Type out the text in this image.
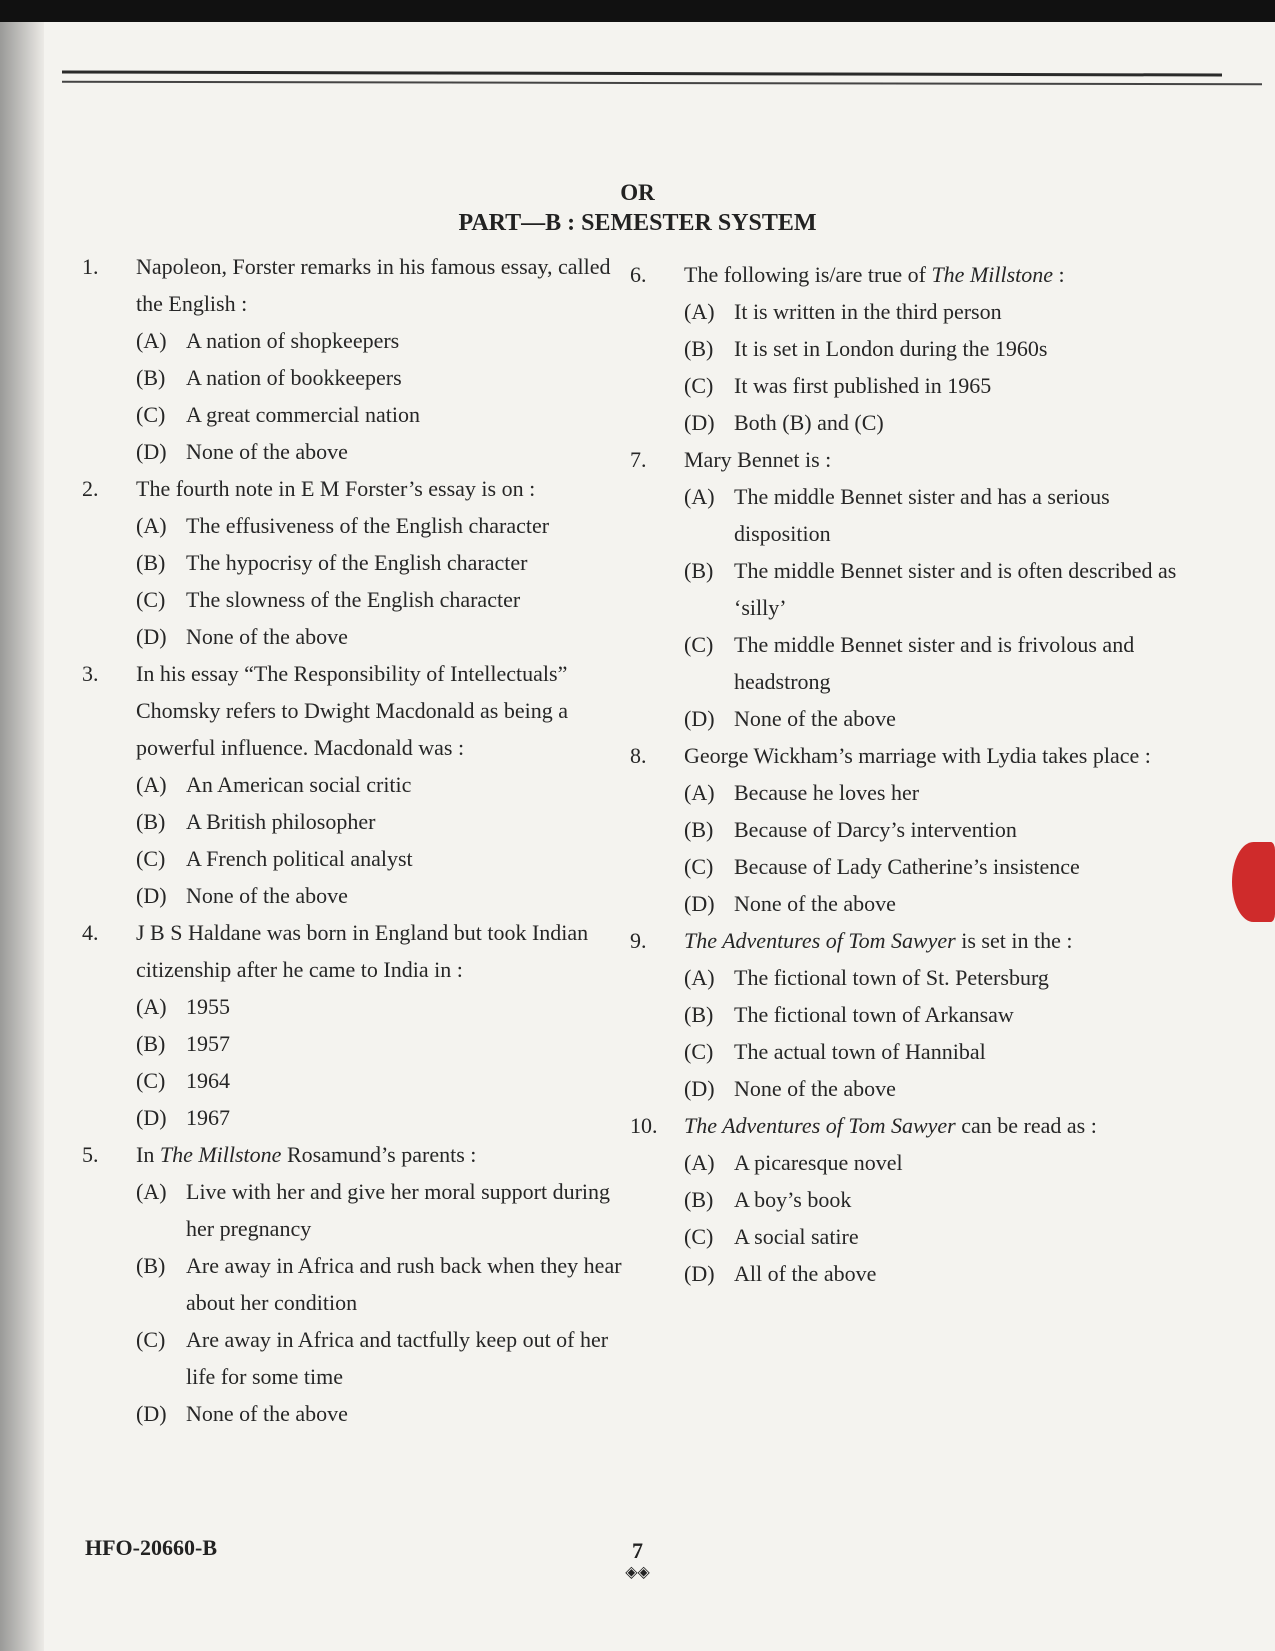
OR
PART—B : SEMESTER SYSTEM
1.	Napoleon, Forster remarks in his famous essay, called the English :
(A) A nation of shopkeepers
(B) A nation of bookkeepers
(C) A great commercial nation
(D) None of the above
2.	The fourth note in E M Forster’s essay is on :
(A) The effusiveness of the English character
(B) The hypocrisy of the English character
(C) The slowness of the English character
(D) None of the above
3.	In his essay “The Responsibility of Intellectuals” Chomsky refers to Dwight Macdonald as being a powerful influence. Macdonald was :
(A) An American social critic
(B) A British philosopher
(C) A French political analyst
(D) None of the above
4.	J B S Haldane was born in England but took Indian citizenship after he came to India in :
(A) 1955
(B) 1957
(C) 1964
(D) 1967
5.	In The Millstone Rosamund’s parents :
(A) Live with her and give her moral support during her pregnancy
(B) Are away in Africa and rush back when they hear about her condition
(C) Are away in Africa and tactfully keep out of her life for some time
(D) None of the above
6.	The following is/are true of The Millstone :
(A) It is written in the third person
(B) It is set in London during the 1960s
(C) It was first published in 1965
(D) Both (B) and (C)
7.	Mary Bennet is :
(A) The middle Bennet sister and has a serious disposition
(B) The middle Bennet sister and is often described as ‘silly’
(C) The middle Bennet sister and is frivolous and headstrong
(D) None of the above
8.	George Wickham’s marriage with Lydia takes place :
(A) Because he loves her
(B) Because of Darcy’s intervention
(C) Because of Lady Catherine’s insistence
(D) None of the above
9.	The Adventures of Tom Sawyer is set in the :
(A) The fictional town of St. Petersburg
(B) The fictional town of Arkansaw
(C) The actual town of Hannibal
(D) None of the above
10.	The Adventures of Tom Sawyer can be read as :
(A) A picaresque novel
(B) A boy’s book
(C) A social satire
(D) All of the above
HFO-20660-B	7
◈◈
